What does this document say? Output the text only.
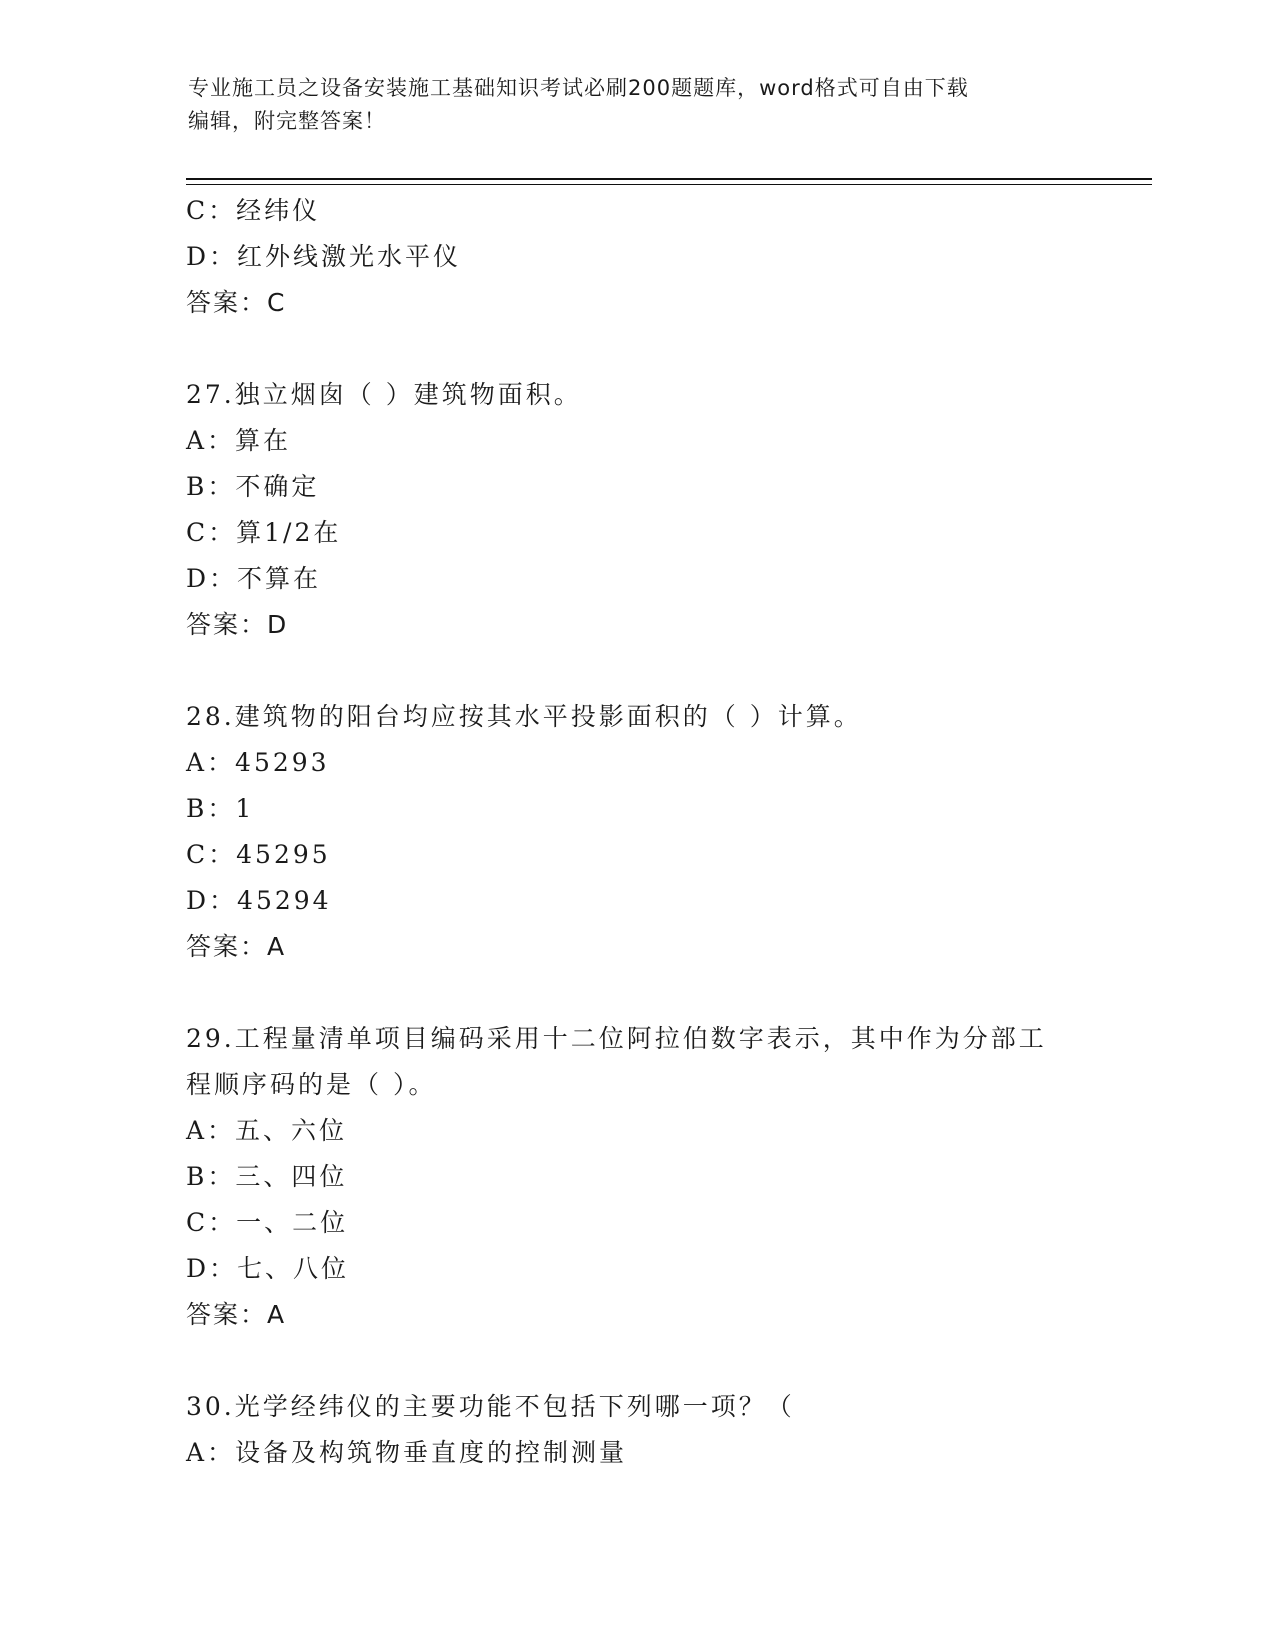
专业施工员之设备安装施工基础知识考试必刷200题题库，word格式可自由下载
编辑，附完整答案！
C：经纬仪
D：红外线激光水平仪
答案：C
27.独立烟囱（ ）建筑物面积。
A：算在
B：不确定
C：算1/2在
D：不算在
答案：D
28.建筑物的阳台均应按其水平投影面积的（ ）计算。
A：45293
B：1
C：45295
D：45294
答案：A
29.工程量清单项目编码采用十二位阿拉伯数字表示，其中作为分部工
程顺序码的是（ ）。
A：五、六位
B：三、四位
C：一、二位
D：七、八位
答案：A
30.光学经纬仪的主要功能不包括下列哪一项？（
A：设备及构筑物垂直度的控制测量
